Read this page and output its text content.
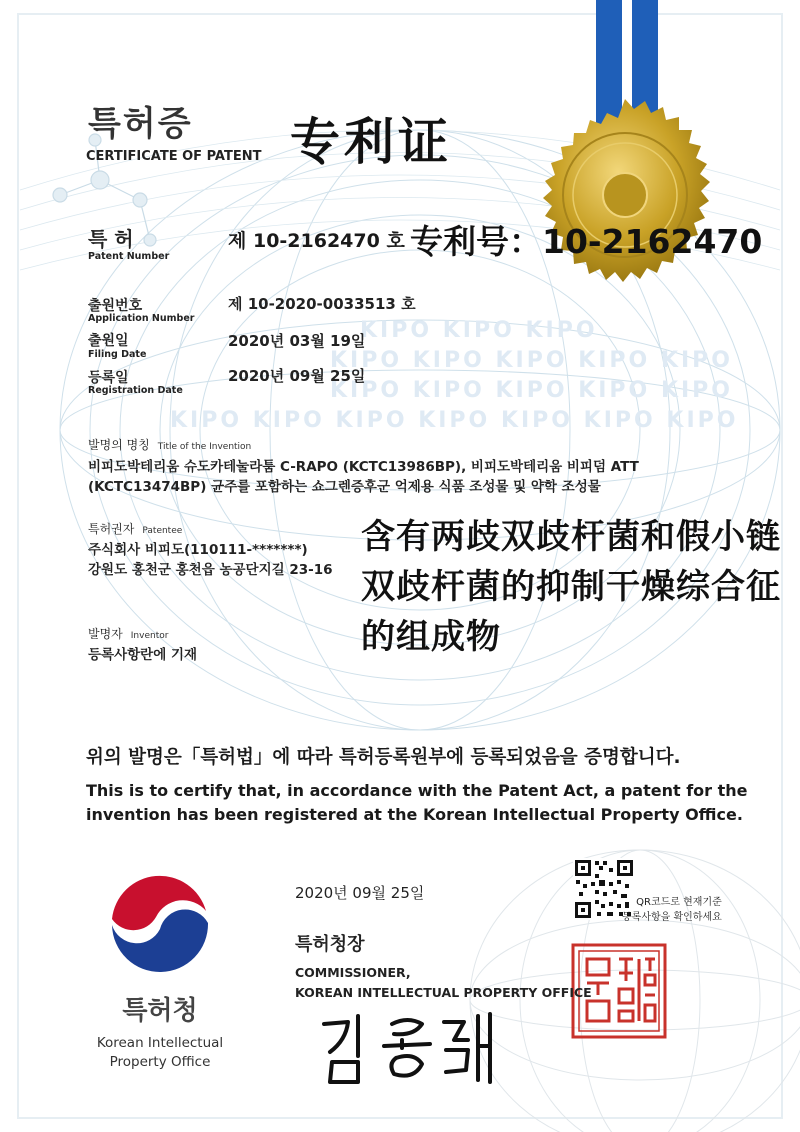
특허증
CERTIFICATE OF PATENT 专利证
KIPO KIPO KIPO
KIPO KIPO KIPO KIPO KIPO
KIPO KIPO KIPO KIPO KIPO
KIPO KIPO KIPO KIPO KIPO KIPO KIPO
특 허
Patent Number
제 10-2162470 호 专利号：10-2162470
출원번호
Application Number
제 10-2020-0033513 호
출원일
Filing Date
2020년 03월 19일
등록일
Registration Date
2020년 09월 25일
발명의 명칭 Title of the Invention
비피도박테리움 슈도카테눌라툼 C-RAPO (KCTC13986BP), 비피도박테리움 비피덤 ATT
(KCTC13474BP) 균주를 포함하는 쇼그렌증후군 억제용 식품 조성물 및 약학 조성물
특허권자 Patentee
주식회사 비피도(110111-*******)
강원도 홍천군 홍천읍 농공단지길 23-16
含有两歧双歧杆菌和假小链双歧杆菌的抑制干燥综合征的组成物
발명자 Inventor
등록사항란에 기재
위의 발명은「특허법」에 따라 특허등록원부에 등록되었음을 증명합니다.
This is to certify that, in accordance with the Patent Act, a patent for the
invention has been registered at the Korean Intellectual Property Office.
2020년 09월 25일
특허청장
COMMISSIONER,
KOREAN INTELLECTUAL PROPERTY OFFICE
QR코드로 현재기준
등록사항을 확인하세요
특허청
Korean Intellectual
Property Office
